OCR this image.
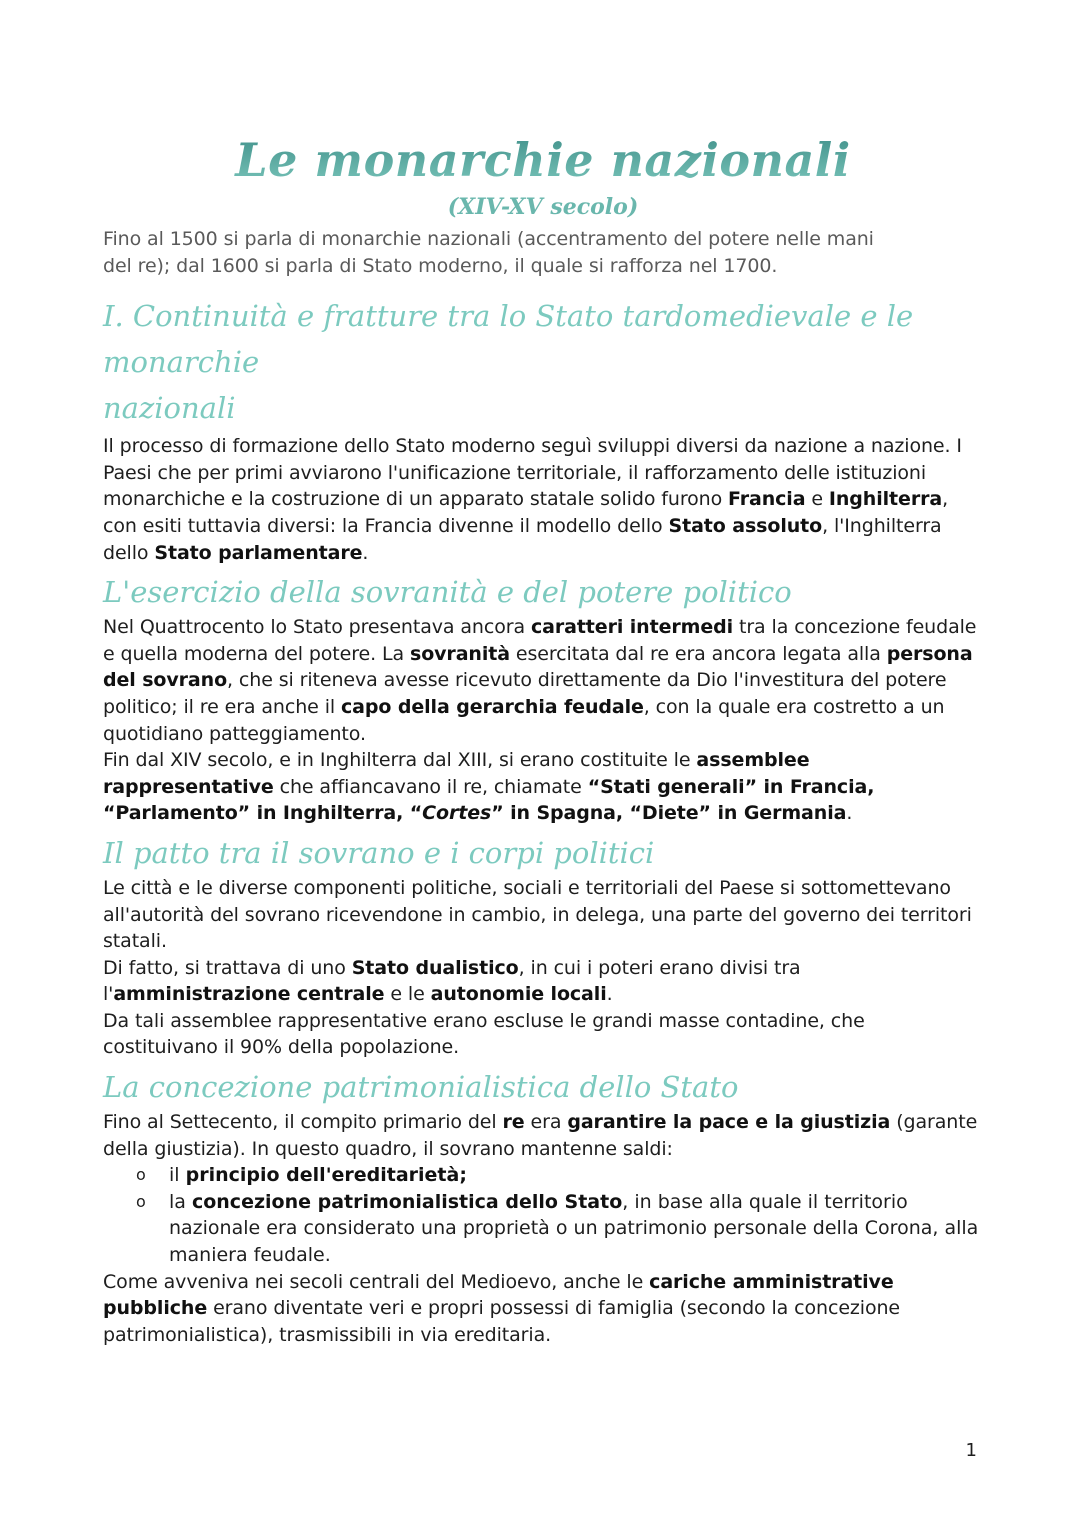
Le monarchie nazionali
(XIV-XV secolo)

Fino al 1500 si parla di monarchie nazionali (accentramento del potere nelle mani
del re); dal 1600 si parla di Stato moderno, il quale si rafforza nel 1700.

I. Continuità e fratture tra lo Stato tardomedievale e le monarchie
nazionali

Il processo di formazione dello Stato moderno seguì sviluppi diversi da nazione a nazione. I Paesi che per primi avviarono l'unificazione territoriale, il rafforzamento delle istituzioni monarchiche e la costruzione di un apparato statale solido furono Francia e Inghilterra, con esiti tuttavia diversi: la Francia divenne il modello dello Stato assoluto, l'Inghilterra dello Stato parlamentare.

L'esercizio della sovranità e del potere politico

Nel Quattrocento lo Stato presentava ancora caratteri intermedi tra la concezione feudale e quella moderna del potere. La sovranità esercitata dal re era ancora legata alla persona del sovrano, che si riteneva avesse ricevuto direttamente da Dio l'investitura del potere politico; il re era anche il capo della gerarchia feudale, con la quale era costretto a un quotidiano patteggiamento.

Fin dal XIV secolo, e in Inghilterra dal XIII, si erano costituite le assemblee rappresentative che affiancavano il re, chiamate “Stati generali” in Francia, “Parlamento” in Inghilterra, “Cortes” in Spagna, “Diete” in Germania.

Il patto tra il sovrano e i corpi politici

Le città e le diverse componenti politiche, sociali e territoriali del Paese si sottomettevano all'autorità del sovrano ricevendone in cambio, in delega, una parte del governo dei territori statali.

Di fatto, si trattava di uno Stato dualistico, in cui i poteri erano divisi tra l'amministrazione centrale e le autonomie locali.

Da tali assemblee rappresentative erano escluse le grandi masse contadine, che costituivano il 90% della popolazione.

La concezione patrimonialistica dello Stato

Fino al Settecento, il compito primario del re era garantire la pace e la giustizia (garante della giustizia). In questo quadro, il sovrano mantenne saldi:

o il principio dell'ereditarietà;
o la concezione patrimonialistica dello Stato, in base alla quale il territorio nazionale era considerato una proprietà o un patrimonio personale della Corona, alla maniera feudale.

Come avveniva nei secoli centrali del Medioevo, anche le cariche amministrative pubbliche erano diventate veri e propri possessi di famiglia (secondo la concezione patrimonialistica), trasmissibili in via ereditaria.

1
